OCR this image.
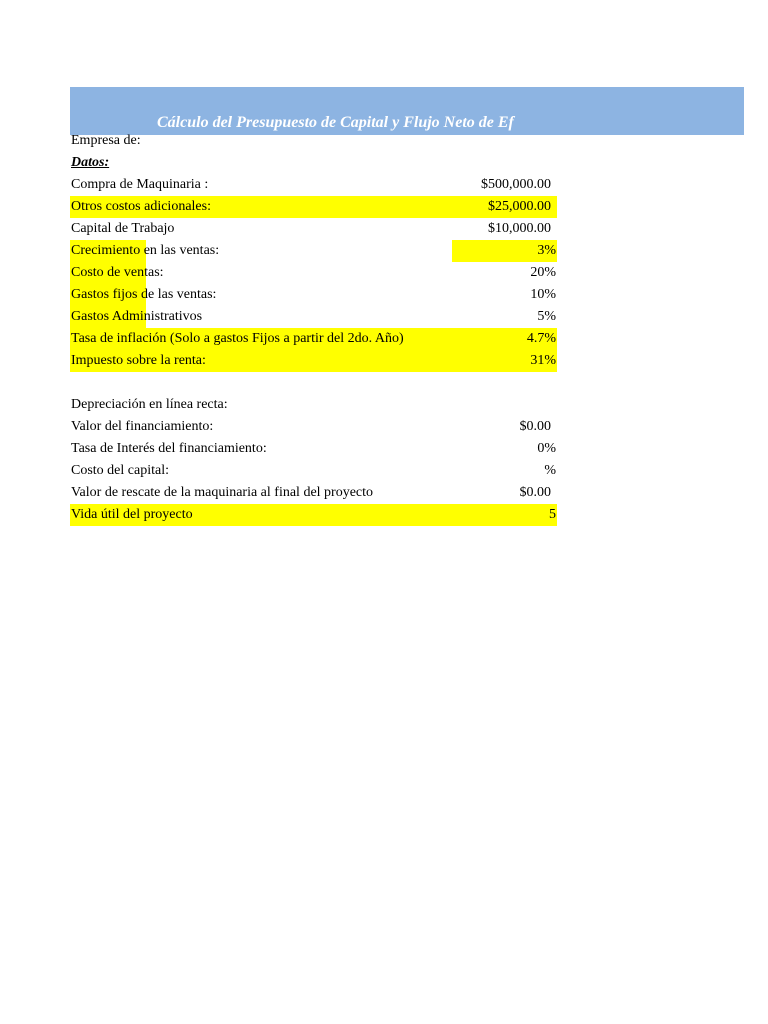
Cálculo del Presupuesto de Capital y Flujo Neto de Ef
Empresa de:
Datos:
Compra de Maquinaria :	$500,000.00
Otros costos adicionales:	$25,000.00
Capital de Trabajo	$10,000.00
Crecimiento en las ventas:	3%
Costo de ventas:	20%
Gastos fijos de las ventas:	10%
Gastos Administrativos	5%
Tasa de inflación (Solo a gastos Fijos a partir del 2do. Año)	4.7%
Impuesto sobre la renta:	31%
Depreciación en línea recta:
Valor del financiamiento:	$0.00
Tasa de Interés del financiamiento:	0%
Costo del capital:	%
Valor de rescate de la maquinaria al final del proyecto	$0.00
Vida útil del proyecto	5
